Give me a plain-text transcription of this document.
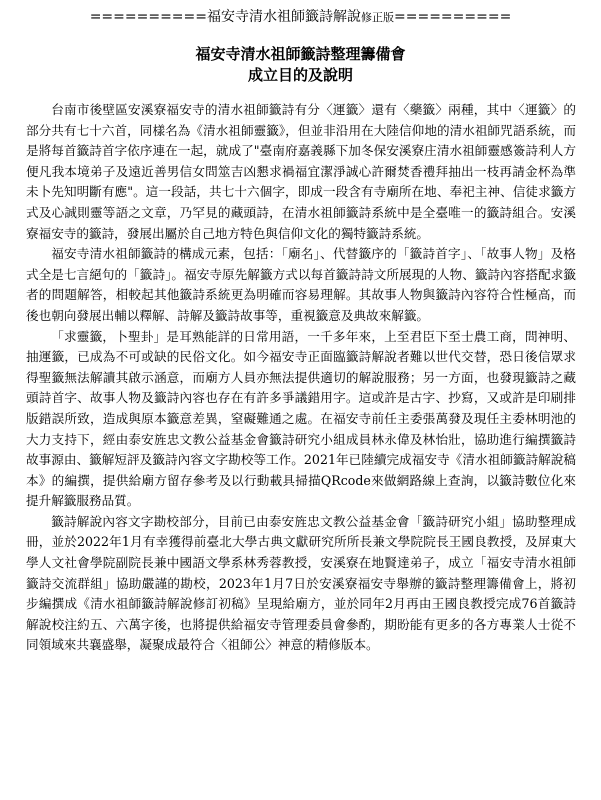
==========福安寺清水祖師籤詩解說修正版==========
福安寺清水祖師籤詩整理籌備會
成立目的及說明

台南市後壁區安溪寮福安寺的清水祖師籤詩有分〈運籤〉還有〈藥籤〉兩種，其中〈運籤〉的部分共有七十六首，同樣名為《清水祖師靈籤》，但並非沿用在大陸信仰地的清水祖師咒語系統，而是將每首籤詩首字依序連在一起，就成了"臺南府嘉義縣下加冬保安溪寮庄清水祖師靈感簽詩利人方便凡我本境弟子及遠近善男信女問筮吉凶懇求禍福宜潔淨誠心許爾焚香禮拜抽出一枝再請金杯為準未卜先知明斷有應"。這一段話，共七十六個字，即成一段含有寺廟所在地、奉祀主神、信徒求籤方式及心誠則靈等語之文章，乃罕見的藏頭詩，在清水祖師籤詩系統中是全臺唯一的籤詩組合。安溪寮福安寺的籤詩，發展出屬於自己地方特色與信仰文化的獨特籤詩系統。

福安寺清水祖師籤詩的構成元素，包括：「廟名」、代替籤序的「籤詩首字」、「故事人物」及格式全是七言絕句的「籤詩」。福安寺原先解籤方式以每首籤詩詩文所展現的人物、籤詩內容搭配求籤者的問題解答，相較起其他籤詩系統更為明確而容易理解。其故事人物與籤詩內容符合性極高，而後也朝向發展出輔以釋解、詩解及籤詩故事等，重視籤意及典故來解籤。

「求靈籤，卜聖卦」是耳熟能詳的日常用語，一千多年來，上至君臣下至士農工商，問神明、抽運籤，已成為不可或缺的民俗文化。如今福安寺正面臨籤詩解說者難以世代交替，恐日後信眾求得聖籤無法解讀其啟示涵意，而廟方人員亦無法提供適切的解說服務；另一方面，也發現籤詩之藏頭詩首字、故事人物及籤詩內容也存在有許多爭議錯用字。這或許是古字、抄寫，又或許是印刷排版錯誤所致，造成與原本籤意差異，窒礙難通之處。在福安寺前任主委張萬發及現任主委林明池的大力支持下，經由泰安旌忠文教公益基金會籤詩研究小組成員林永偉及林怡壯，協助進行編撰籤詩故事源由、籤解短評及籤詩內容文字勘校等工作。2021年已陸續完成福安寺《清水祖師籤詩解說稿本》的編撰，提供給廟方留存參考及以行動載具掃描QRcode來做網路線上查詢，以籤詩數位化來提升解籤服務品質。

籤詩解說內容文字勘校部分，目前已由泰安旌忠文教公益基金會「籤詩研究小組」協助整理成冊，並於2022年1月有幸獲得前臺北大學古典文獻研究所所長兼文學院院長王國良教授，及屏東大學人文社會學院副院長兼中國語文學系林秀蓉教授，安溪寮在地賢達弟子，成立「福安寺清水祖師籤詩交流群組」協助嚴謹的勘校，2023年1月7日於安溪寮福安寺舉辦的籤詩整理籌備會上，將初步編撰成《清水祖師籤詩解說修訂初稿》呈現給廟方，並於同年2月再由王國良教授完成76首籤詩解說校注約五、六萬字後，也將提供給福安寺管理委員會參酌，期盼能有更多的各方專業人士從不同領域來共襄盛舉，凝聚成最符合〈祖師公〉神意的精修版本。
